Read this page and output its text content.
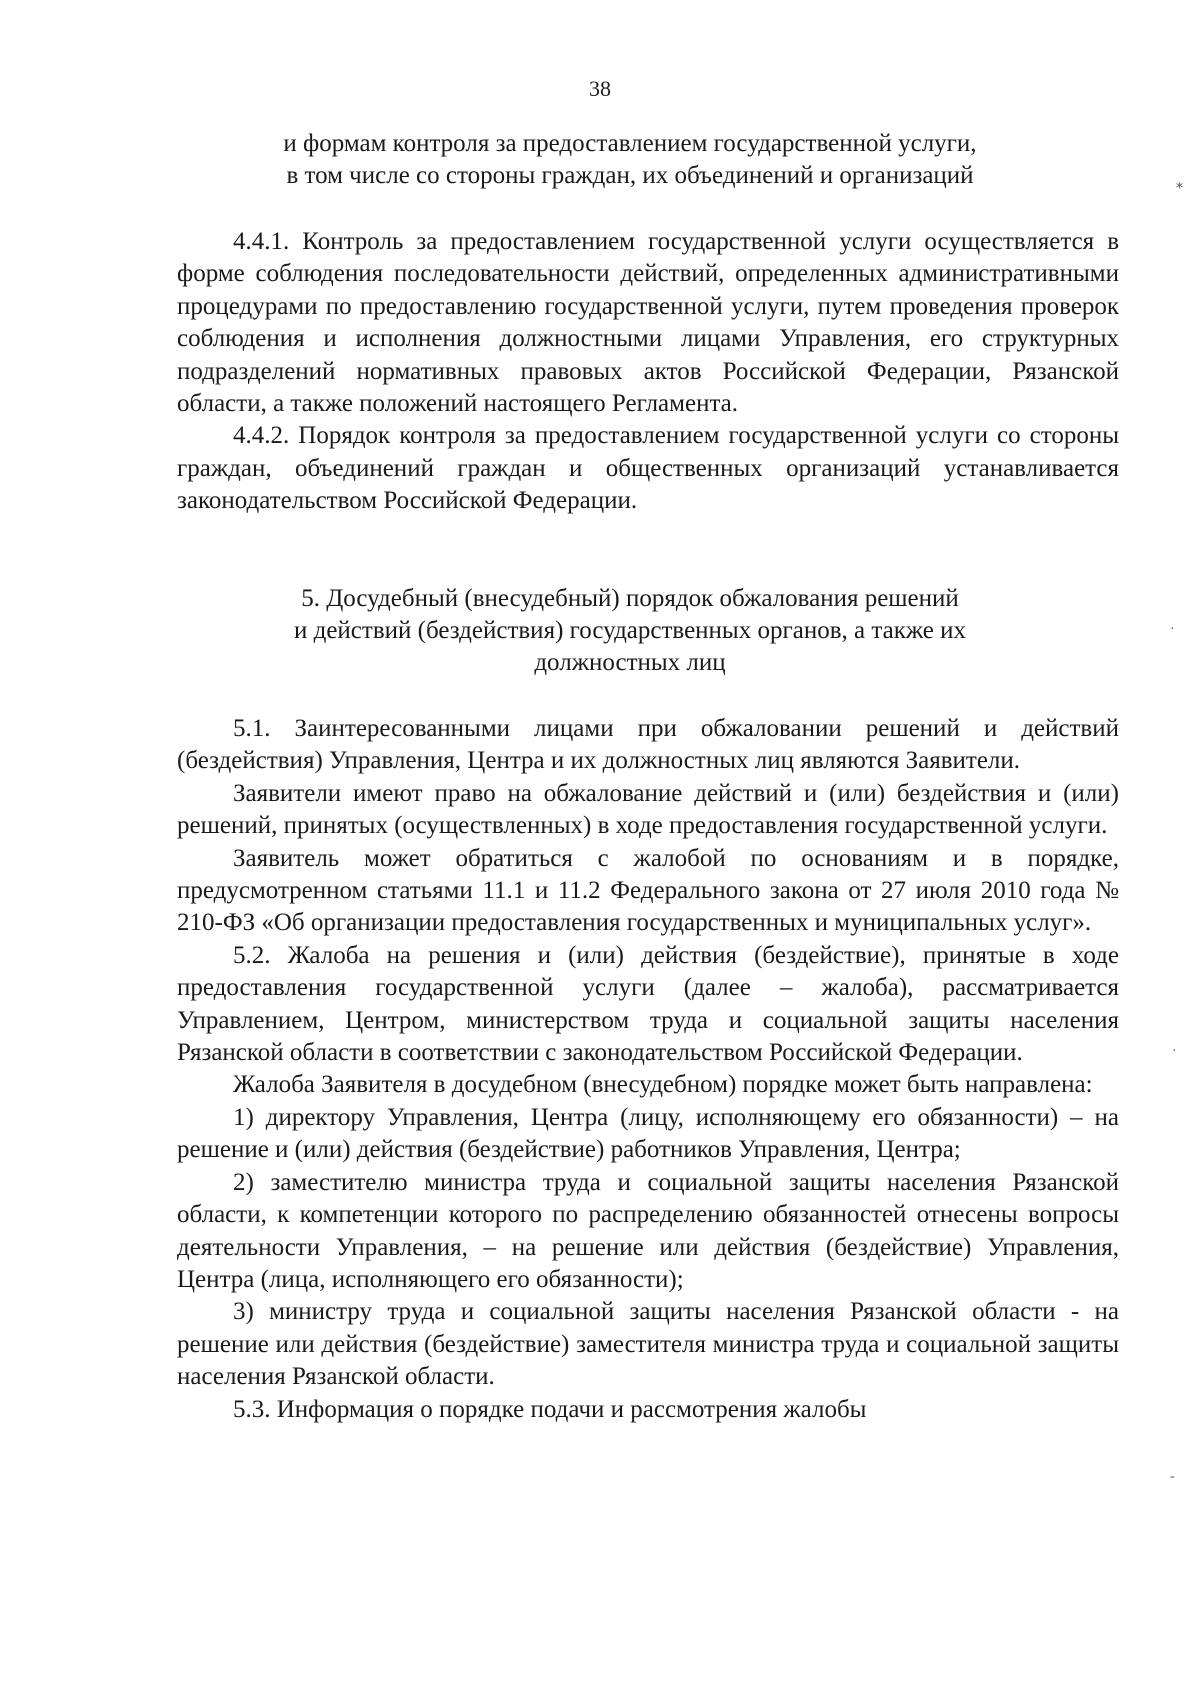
38
и формам контроля за предоставлением государственной услуги,
в том числе со стороны граждан, их объединений и организаций

4.4.1. Контроль за предоставлением государственной услуги осуществляется в форме соблюдения последовательности действий, определенных административными процедурами по предоставлению государственной услуги, путем проведения проверок соблюдения и исполнения должностными лицами Управления, его структурных подразделений нормативных правовых актов Российской Федерации, Рязанской области, а также положений настоящего Регламента.

4.4.2. Порядок контроля за предоставлением государственной услуги со стороны граждан, объединений граждан и общественных организаций устанавливается законодательством Российской Федерации.

5. Досудебный (внесудебный) порядок обжалования решений
и действий (бездействия) государственных органов, а также их
должностных лиц

5.1. Заинтересованными лицами при обжаловании решений и действий (бездействия) Управления, Центра и их должностных лиц являются Заявители.

Заявители имеют право на обжалование действий и (или) бездействия и (или) решений, принятых (осуществленных) в ходе предоставления государственной услуги.

Заявитель может обратиться с жалобой по основаниям и в порядке, предусмотренном статьями 11.1 и 11.2 Федерального закона от 27 июля 2010 года № 210-ФЗ «Об организации предоставления государственных и муниципальных услуг».

5.2. Жалоба на решения и (или) действия (бездействие), принятые в ходе предоставления государственной услуги (далее – жалоба), рассматривается Управлением, Центром, министерством труда и социальной защиты населения Рязанской области в соответствии с законодательством Российской Федерации.

Жалоба Заявителя в досудебном (внесудебном) порядке может быть направлена:

1) директору Управления, Центра (лицу, исполняющему его обязанности) – на решение и (или) действия (бездействие) работников Управления, Центра;

2) заместителю министра труда и социальной защиты населения Рязанской области, к компетенции которого по распределению обязанностей отнесены вопросы деятельности Управления, – на решение или действия (бездействие) Управления, Центра (лица, исполняющего его обязанности);

3) министру труда и социальной защиты населения Рязанской области - на решение или действия (бездействие) заместителя министра труда и социальной защиты населения Рязанской области.

5.3. Информация о порядке подачи и рассмотрения жалобы

⁎
·
-
·
